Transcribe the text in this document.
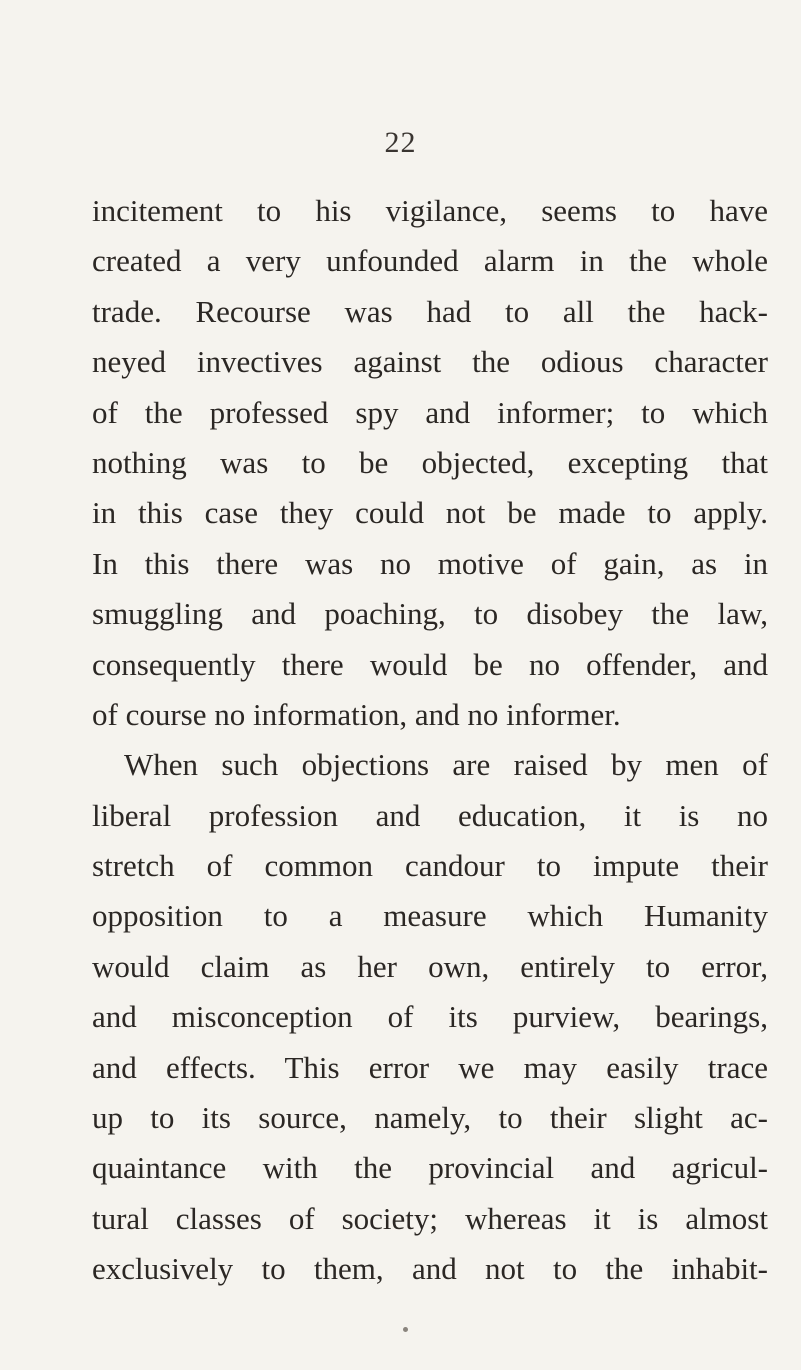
22
incitement to his vigilance, seems to have
created a very unfounded alarm in the whole
trade. Recourse was had to all the hack-
neyed invectives against the odious character
of the professed spy and informer; to which
nothing was to be objected, excepting that
in this case they could not be made to apply.
In this there was no motive of gain, as in
smuggling and poaching, to disobey the law,
consequently there would be no offender, and
of course no information, and no informer.
When such objections are raised by men of
liberal profession and education, it is no
stretch of common candour to impute their
opposition to a measure which Humanity
would claim as her own, entirely to error,
and misconception of its purview, bearings,
and effects. This error we may easily trace
up to its source, namely, to their slight ac-
quaintance with the provincial and agricul-
tural classes of society; whereas it is almost
exclusively to them, and not to the inhabit-
